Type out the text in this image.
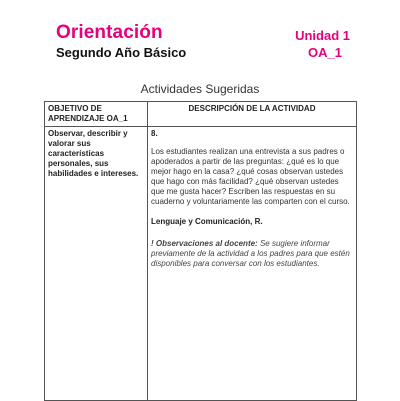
Orientación	Unidad 1
Segundo Año Básico	OA_1
Actividades Sugeridas
OBJETIVO DE APRENDIZAJE OA_1	DESCRIPCIÓN DE LA ACTIVIDAD

Observar, describir y valorar sus características personales, sus habilidades e intereses.	8.

Los estudiantes realizan una entrevista a sus padres o apoderados a partir de las preguntas: ¿qué es lo que mejor hago en la casa? ¿qué cosas observan ustedes que hago con más facilidad? ¿qué observan ustedes que me gusta hacer? Escriben las respuestas en su cuaderno y voluntariamente las comparten con el curso.

Lenguaje y Comunicación, R.

! Observaciones al docente: Se sugiere informar previamente de la actividad a los padres para que estén disponibles para conversar con los estudiantes.
